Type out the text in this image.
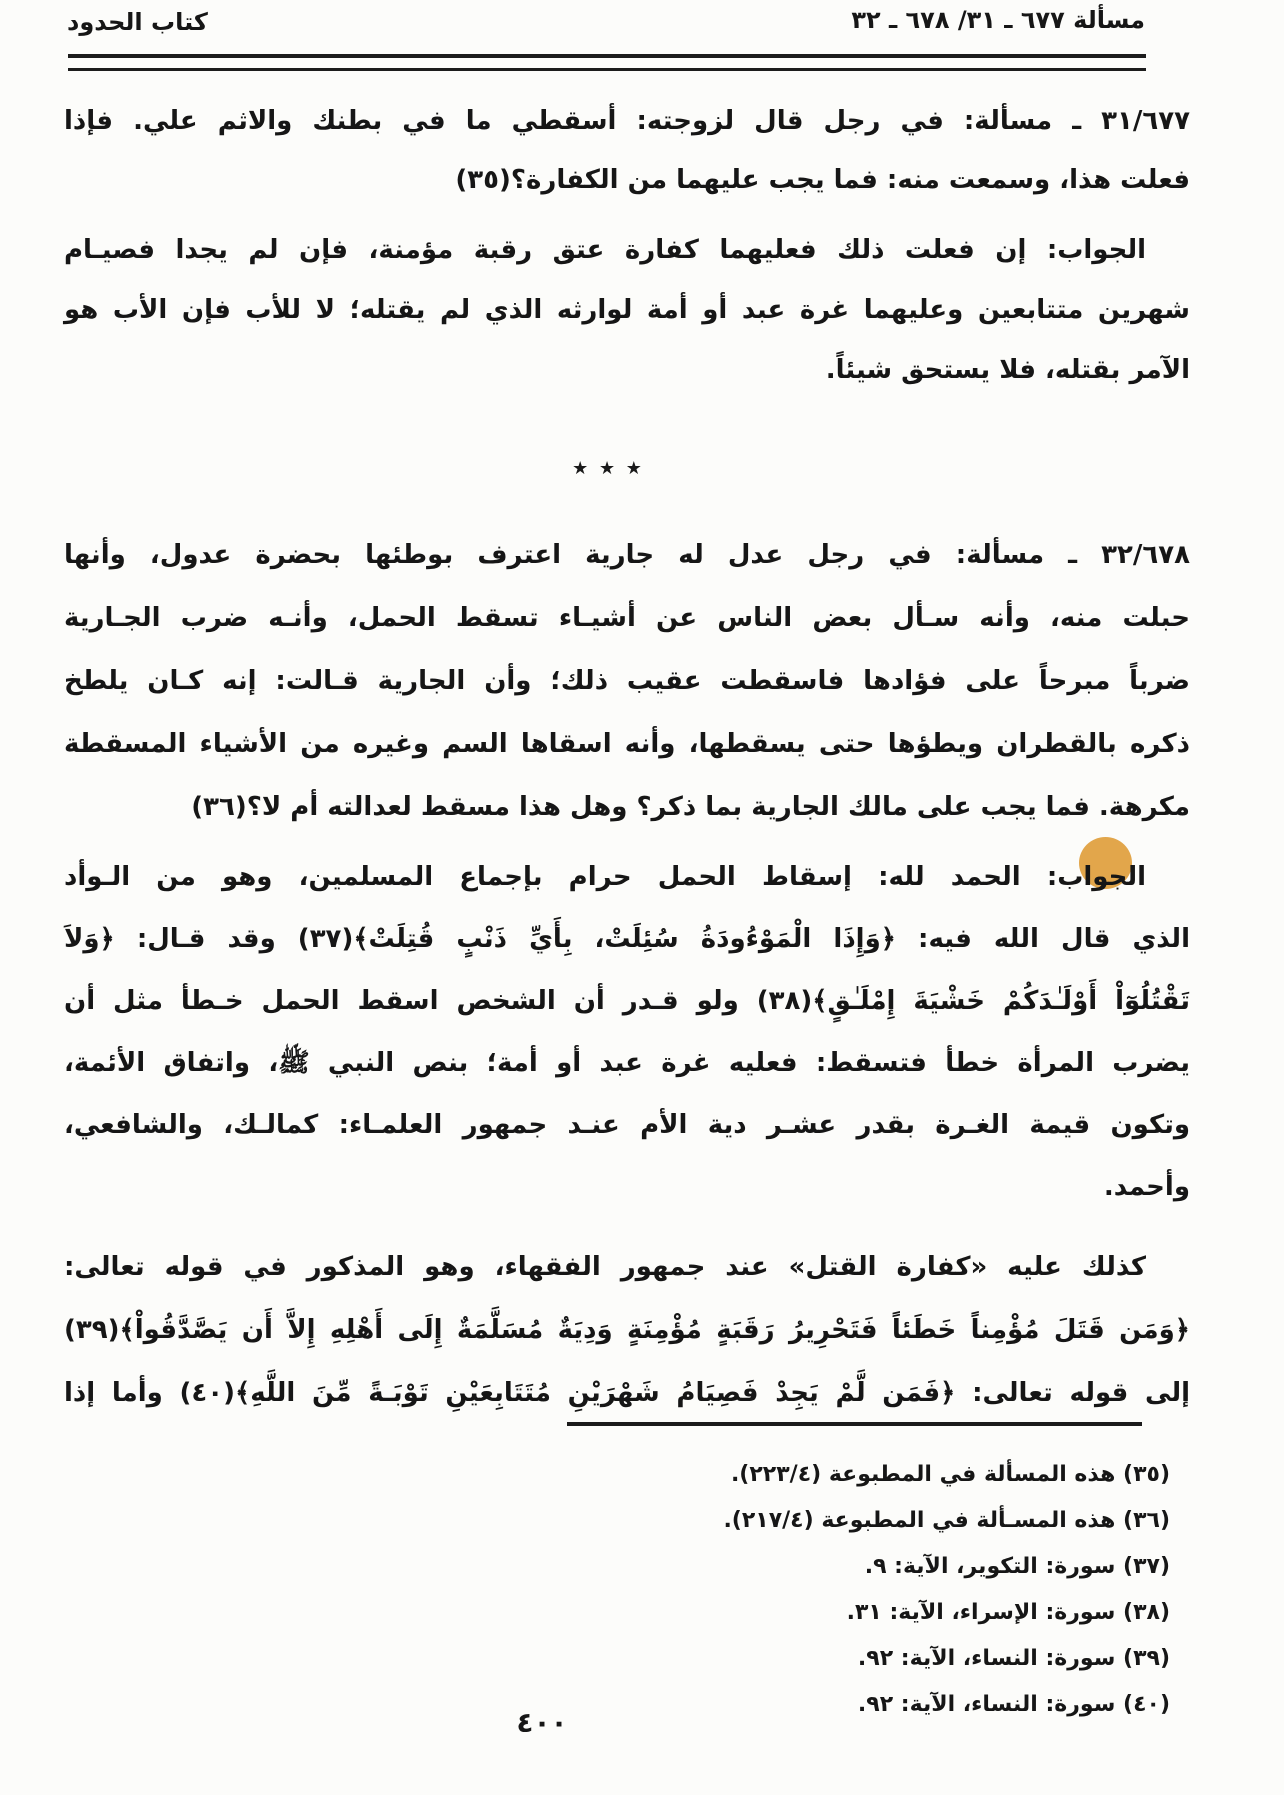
مسألة ٦٧٧ ـ ٣١/ ٦٧٨ ـ ٣٢
كتاب الحدود
٣١/٦٧٧ ـ مسألة: في رجل قال لزوجته: أسقطي ما في بطنك والاثم علي. فإذا
فعلت هذا، وسمعت منه: فما يجب عليهما من الكفارة؟(٣٥)
الجواب: إن فعلت ذلك فعليهما كفارة عتق رقبة مؤمنة، فإن لم يجدا فصيـام
شهرين متتابعين وعليهما غرة عبد أو أمة لوارثه الذي لم يقتله؛ لا للأب فإن الأب هو
الآمر بقتله، فلا يستحق شيئاً.
٭ ٭ ٭
٣٢/٦٧٨ ـ مسألة: في رجل عدل له جارية اعترف بوطئها بحضرة عدول، وأنها
حبلت منه، وأنه سـأل بعض الناس عن أشيـاء تسقط الحمل، وأنـه ضرب الجـارية
ضرباً مبرحاً على فؤادها فاسقطت عقيب ذلك؛ وأن الجارية قـالت: إنه كـان يلطخ
ذكره بالقطران ويطؤها حتى يسقطها، وأنه اسقاها السم وغيره من الأشياء المسقطة
مكرهة. فما يجب على مالك الجارية بما ذكر؟ وهل هذا مسقط لعدالته أم لا؟(٣٦)
الجواب: الحمد لله: إسقاط الحمل حرام بإجماع المسلمين، وهو من الـوأد
الذي قال الله فيه: ﴿وَإِذَا الْمَوْءُودَةُ سُئِلَتْ، بِأَيِّ ذَنْبٍ قُتِلَتْ﴾(٣٧) وقد قـال: ﴿وَلاَ
تَقْتُلُوٓاْ أَوْلَـٰدَكُمْ خَشْيَةَ إِمْلَـٰقٍ﴾(٣٨) ولو قـدر أن الشخص اسقط الحمل خـطأ مثل أن
يضرب المرأة خطأ فتسقط: فعليه غرة عبد أو أمة؛ بنص النبي ﷺ، واتفاق الأئمة،
وتكون قيمة الغـرة بقدر عشـر دية الأم عنـد جمهور العلمـاء: كمالـك، والشافعي،
وأحمد.
كذلك عليه «كفارة القتل» عند جمهور الفقهاء، وهو المذكور في قوله تعالى:
﴿وَمَن قَتَلَ مُؤْمِناً خَطَئاً فَتَحْرِيرُ رَقَبَةٍ مُؤْمِنَةٍ وَدِيَةٌ مُسَلَّمَةٌ إِلَى أَهْلِهِ إِلاَّ أَن يَصَّدَّقُواْ﴾(٣٩)
إلى قوله تعالى: ﴿فَمَن لَّمْ يَجِدْ فَصِيَامُ شَهْرَيْنِ مُتَتَابِعَيْنِ تَوْبَـةً مِّنَ اللَّهِ﴾(٤٠) وأما إذا
(٣٥) هذه المسألة في المطبوعة (٢٢٣/٤).
(٣٦) هذه المسـألة في المطبوعة (٢١٧/٤).
(٣٧) سورة: التكوير، الآية: ٩.
(٣٨) سورة: الإسراء، الآية: ٣١.
(٣٩) سورة: النساء، الآية: ٩٢.
(٤٠) سورة: النساء، الآية: ٩٢.
٤٠٠
